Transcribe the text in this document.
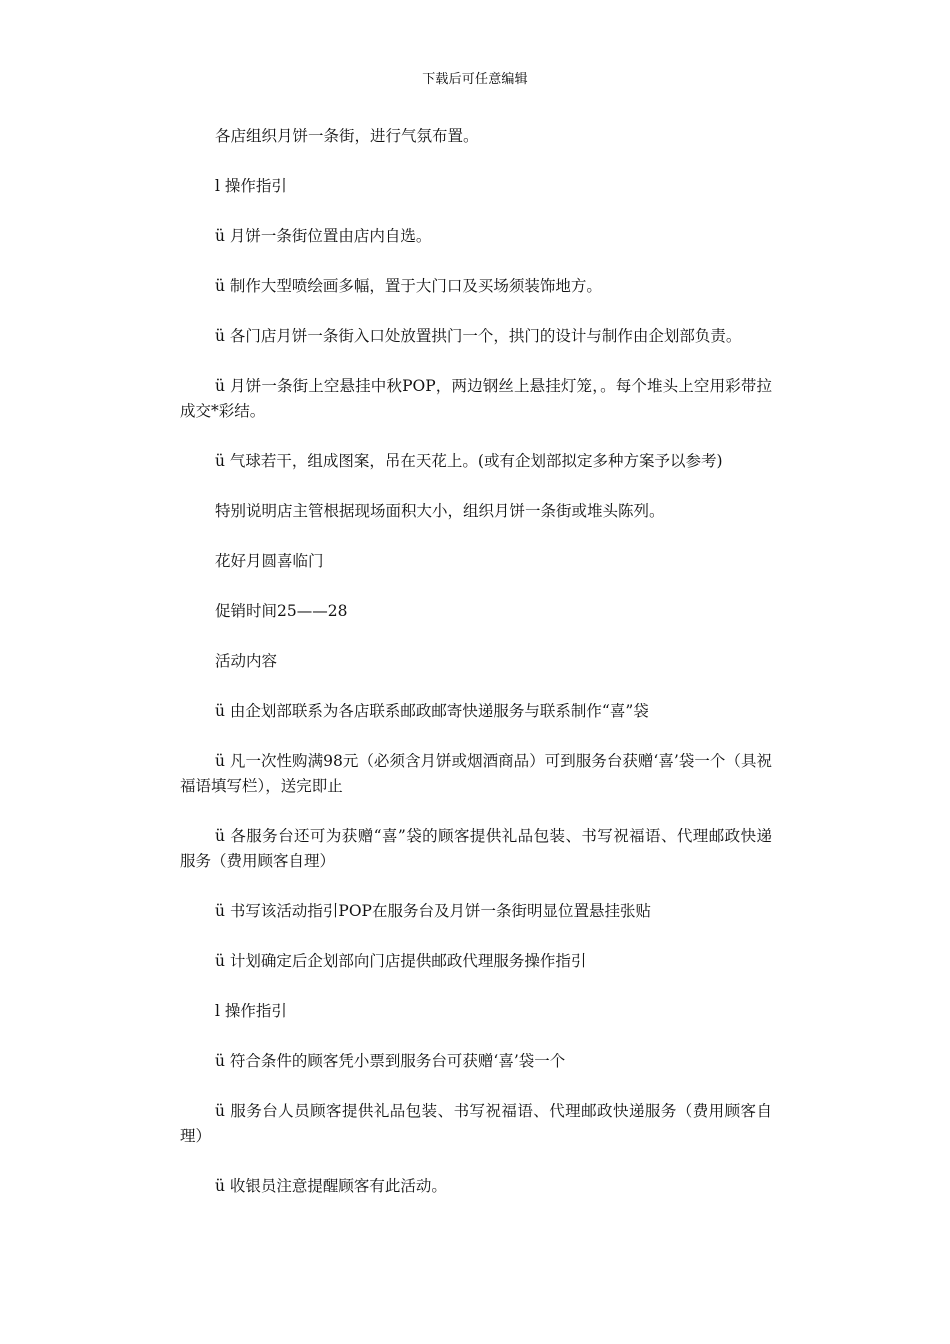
下载后可任意编辑

各店组织月饼一条街，进行气氛布置。

l 操作指引

ü 月饼一条街位置由店内自选。

ü 制作大型喷绘画多幅，置于大门口及买场须装饰地方。

ü 各门店月饼一条街入口处放置拱门一个，拱门的设计与制作由企划部负责。

ü 月饼一条街上空悬挂中秋POP，两边钢丝上悬挂灯笼，。每个堆头上空用彩带拉成交*彩结。

ü 气球若干，组成图案，吊在天花上。(或有企划部拟定多种方案予以参考)

特别说明店主管根据现场面积大小，组织月饼一条街或堆头陈列。

花好月圆喜临门

促销时间25——28

活动内容

ü 由企划部联系为各店联系邮政邮寄快递服务与联系制作“喜”袋

ü 凡一次性购满98元（必须含月饼或烟酒商品）可到服务台获赠‘喜’袋一个（具祝福语填写栏），送完即止

ü 各服务台还可为获赠“喜”袋的顾客提供礼品包装、书写祝福语、代理邮政快递服务（费用顾客自理）

ü 书写该活动指引POP在服务台及月饼一条街明显位置悬挂张贴

ü 计划确定后企划部向门店提供邮政代理服务操作指引

l 操作指引

ü 符合条件的顾客凭小票到服务台可获赠‘喜’袋一个

ü 服务台人员顾客提供礼品包装、书写祝福语、代理邮政快递服务（费用顾客自理）

ü 收银员注意提醒顾客有此活动。
